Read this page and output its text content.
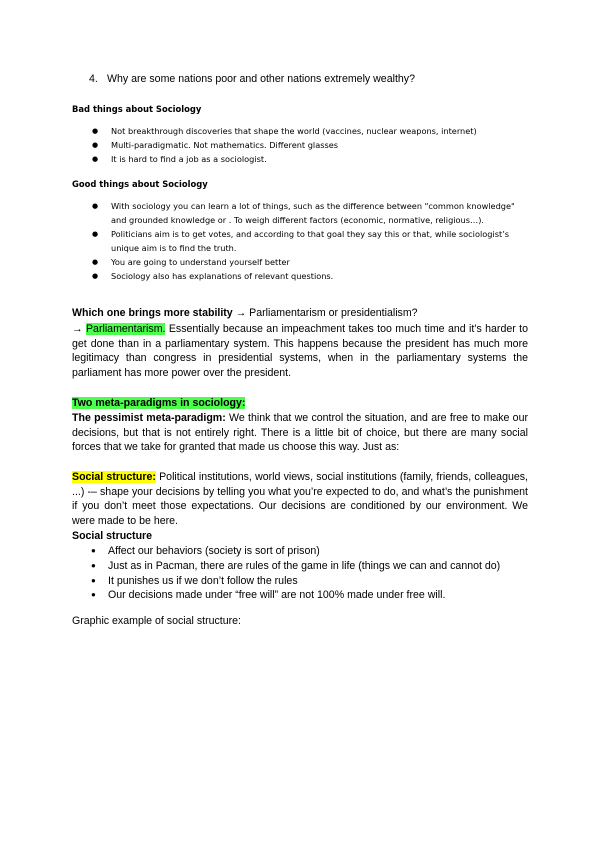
4. Why are some nations poor and other nations extremely wealthy?
Bad things about Sociology
● Not breakthrough discoveries that shape the world (vaccines, nuclear weapons, internet)
● Multi-paradigmatic. Not mathematics. Different glasses
● It is hard to find a job as a sociologist.
Good things about Sociology
● With sociology you can learn a lot of things, such as the difference between "common knowledge" and grounded knowledge or . To weigh different factors (economic, normative, religious…).
● Politicians aim is to get votes, and according to that goal they say this or that, while sociologist’s unique aim is to find the truth.
● You are going to understand yourself better
● Sociology also has explanations of relevant questions.
Which one brings more stability → Parliamentarism or presidentialism?
→ Parliamentarism. Essentially because an impeachment takes too much time and it’s harder to get done than in a parliamentary system. This happens because the president has much more legitimacy than congress in presidential systems, when in the parliamentary systems the parliament has more power over the president.
Two meta-paradigms in sociology:
The pessimist meta-paradigm: We think that we control the situation, and are free to make our decisions, but that is not entirely right. There is a little bit of choice, but there are many social forces that we take for granted that made us choose this way. Just as:
Social structure: Political institutions, world views, social institutions (family, friends, colleagues, ...) -– shape your decisions by telling you what you’re expected to do, and what’s the punishment if you don’t meet those expectations. Our decisions are conditioned by our environment. We were made to be here.
Social structure
● Affect our behaviors (society is sort of prison)
● Just as in Pacman, there are rules of the game in life (things we can and cannot do)
● It punishes us if we don’t follow the rules
● Our decisions made under “free will” are not 100% made under free will.
Graphic example of social structure:
